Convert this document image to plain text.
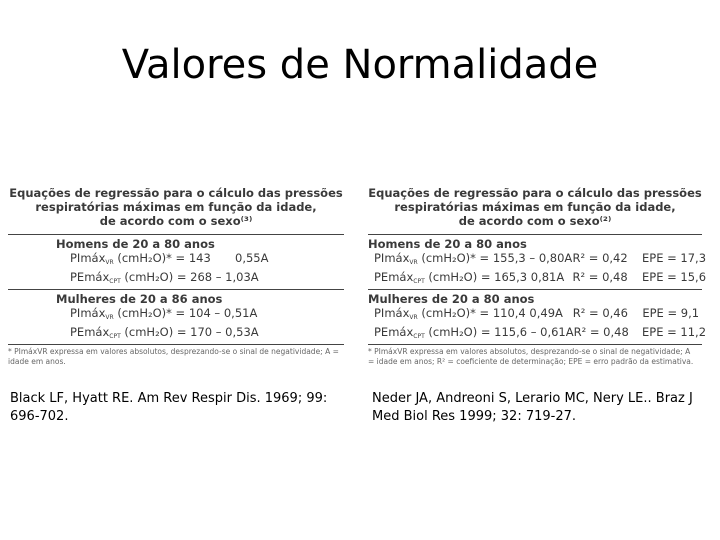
Valores de Normalidade
Equações de regressão para o cálculo das pressões
respiratórias máximas em função da idade,
de acordo com o sexo⁽³⁾
Homens de 20 a 80 anos
PImáx$_{VR}$ (cmH₂O)* = 143	0,55A
PEmáx$_{CPT}$ (cmH₂O) = 268 – 1,03A
Mulheres de 20 a 86 anos
PImáx$_{VR}$ (cmH₂O)* = 104 – 0,51A
PEmáx$_{CPT}$ (cmH₂O) = 170 – 0,53A
* PImáxVR expressa em valores absolutos, desprezando-se o sinal de negatividade; A = idade em anos.
Equações de regressão para o cálculo das pressões
respiratórias máximas em função da idade,
de acordo com o sexo⁽²⁾
Homens de 20 a 80 anos
PImáx$_{VR}$ (cmH₂O)* = 155,3 – 0,80A R² = 0,42	EPE = 17,3
PEmáx$_{CPT}$ (cmH₂O) = 165,3 0,81A R² = 0,48	EPE = 15,6
Mulheres de 20 a 80 anos
PImáx$_{VR}$ (cmH₂O)* = 110,4 0,49A R² = 0,46	EPE = 9,1
PEmáx$_{CPT}$ (cmH₂O) = 115,6 – 0,61A R² = 0,48	EPE = 11,2
* PImáxVR expressa em valores absolutos, desprezando-se o sinal de negatividade; A = idade em anos; R² = coeficiente de determinação; EPE = erro padrão da estimativa.
Black LF, Hyatt RE. Am Rev Respir Dis. 1969; 99: 696-702.
Neder JA, Andreoni S, Lerario MC, Nery LE.. Braz J Med Biol Res 1999; 32: 719-27.
